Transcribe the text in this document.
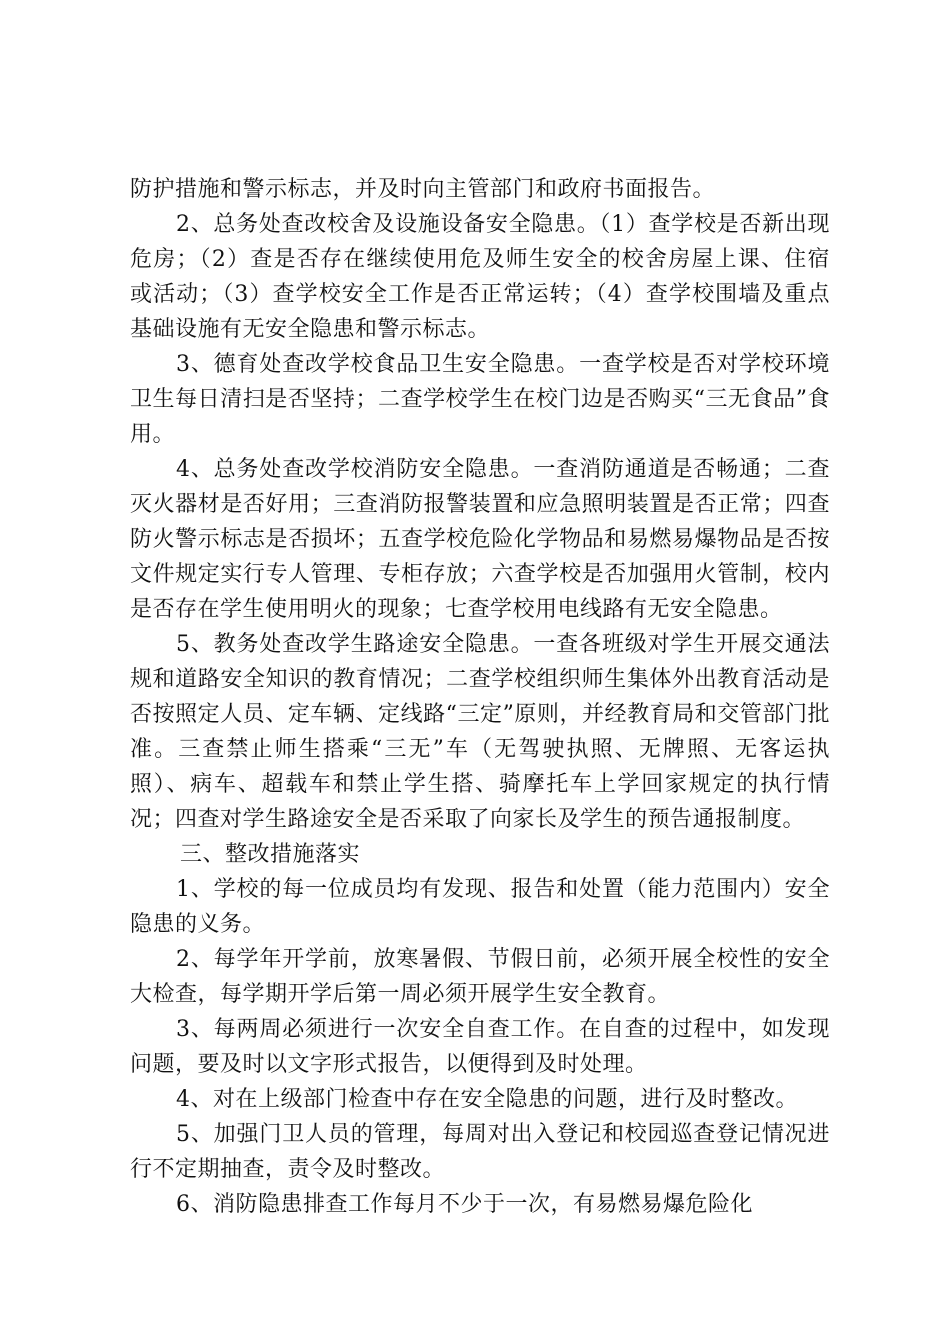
防护措施和警示标志，并及时向主管部门和政府书面报告。

2、总务处查改校舍及设施设备安全隐患。（1）查学校是否新出现危房；（2）查是否存在继续使用危及师生安全的校舍房屋上课、住宿或活动；（3）查学校安全工作是否正常运转；（4）查学校围墙及重点基础设施有无安全隐患和警示标志。

3、德育处查改学校食品卫生安全隐患。一查学校是否对学校环境卫生每日清扫是否坚持；二查学校学生在校门边是否购买“三无食品”食用。

4、总务处查改学校消防安全隐患。一查消防通道是否畅通；二查灭火器材是否好用；三查消防报警装置和应急照明装置是否正常；四查防火警示标志是否损坏；五查学校危险化学物品和易燃易爆物品是否按文件规定实行专人管理、专柜存放；六查学校是否加强用火管制，校内是否存在学生使用明火的现象；七查学校用电线路有无安全隐患。

5、教务处查改学生路途安全隐患。一查各班级对学生开展交通法规和道路安全知识的教育情况；二查学校组织师生集体外出教育活动是否按照定人员、定车辆、定线路“三定”原则，并经教育局和交管部门批准。三查禁止师生搭乘“三无”车（无驾驶执照、无牌照、无客运执照）、病车、超载车和禁止学生搭、骑摩托车上学回家规定的执行情况；四查对学生路途安全是否采取了向家长及学生的预告通报制度。

三、整改措施落实

1、学校的每一位成员均有发现、报告和处置（能力范围内）安全隐患的义务。

2、每学年开学前，放寒暑假、节假日前，必须开展全校性的安全大检查，每学期开学后第一周必须开展学生安全教育。

3、每两周必须进行一次安全自查工作。在自查的过程中，如发现问题，要及时以文字形式报告，以便得到及时处理。

4、对在上级部门检查中存在安全隐患的问题，进行及时整改。

5、加强门卫人员的管理，每周对出入登记和校园巡查登记情况进行不定期抽查，责令及时整改。

6、消防隐患排查工作每月不少于一次，有易燃易爆危险化
